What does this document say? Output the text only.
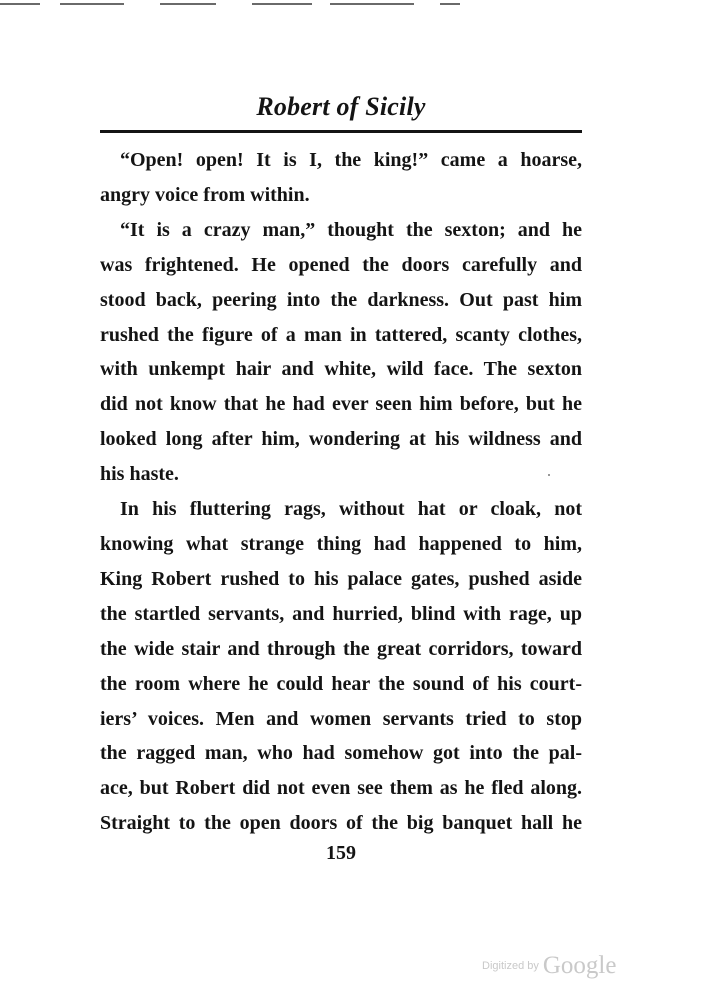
Robert of Sicily
“Open! open! It is I, the king!” came a hoarse,
angry voice from within.
“It is a crazy man,” thought the sexton; and he
was frightened. He opened the doors carefully and
stood back, peering into the darkness. Out past him
rushed the figure of a man in tattered, scanty clothes,
with unkempt hair and white, wild face. The sexton
did not know that he had ever seen him before, but he
looked long after him, wondering at his wildness and
his haste.
In his fluttering rags, without hat or cloak, not
knowing what strange thing had happened to him,
King Robert rushed to his palace gates, pushed aside
the startled servants, and hurried, blind with rage, up
the wide stair and through the great corridors, toward
the room where he could hear the sound of his court-
iers’ voices. Men and women servants tried to stop
the ragged man, who had somehow got into the pal-
ace, but Robert did not even see them as he fled along.
Straight to the open doors of the big banquet hall he
159
Digitized by Google
